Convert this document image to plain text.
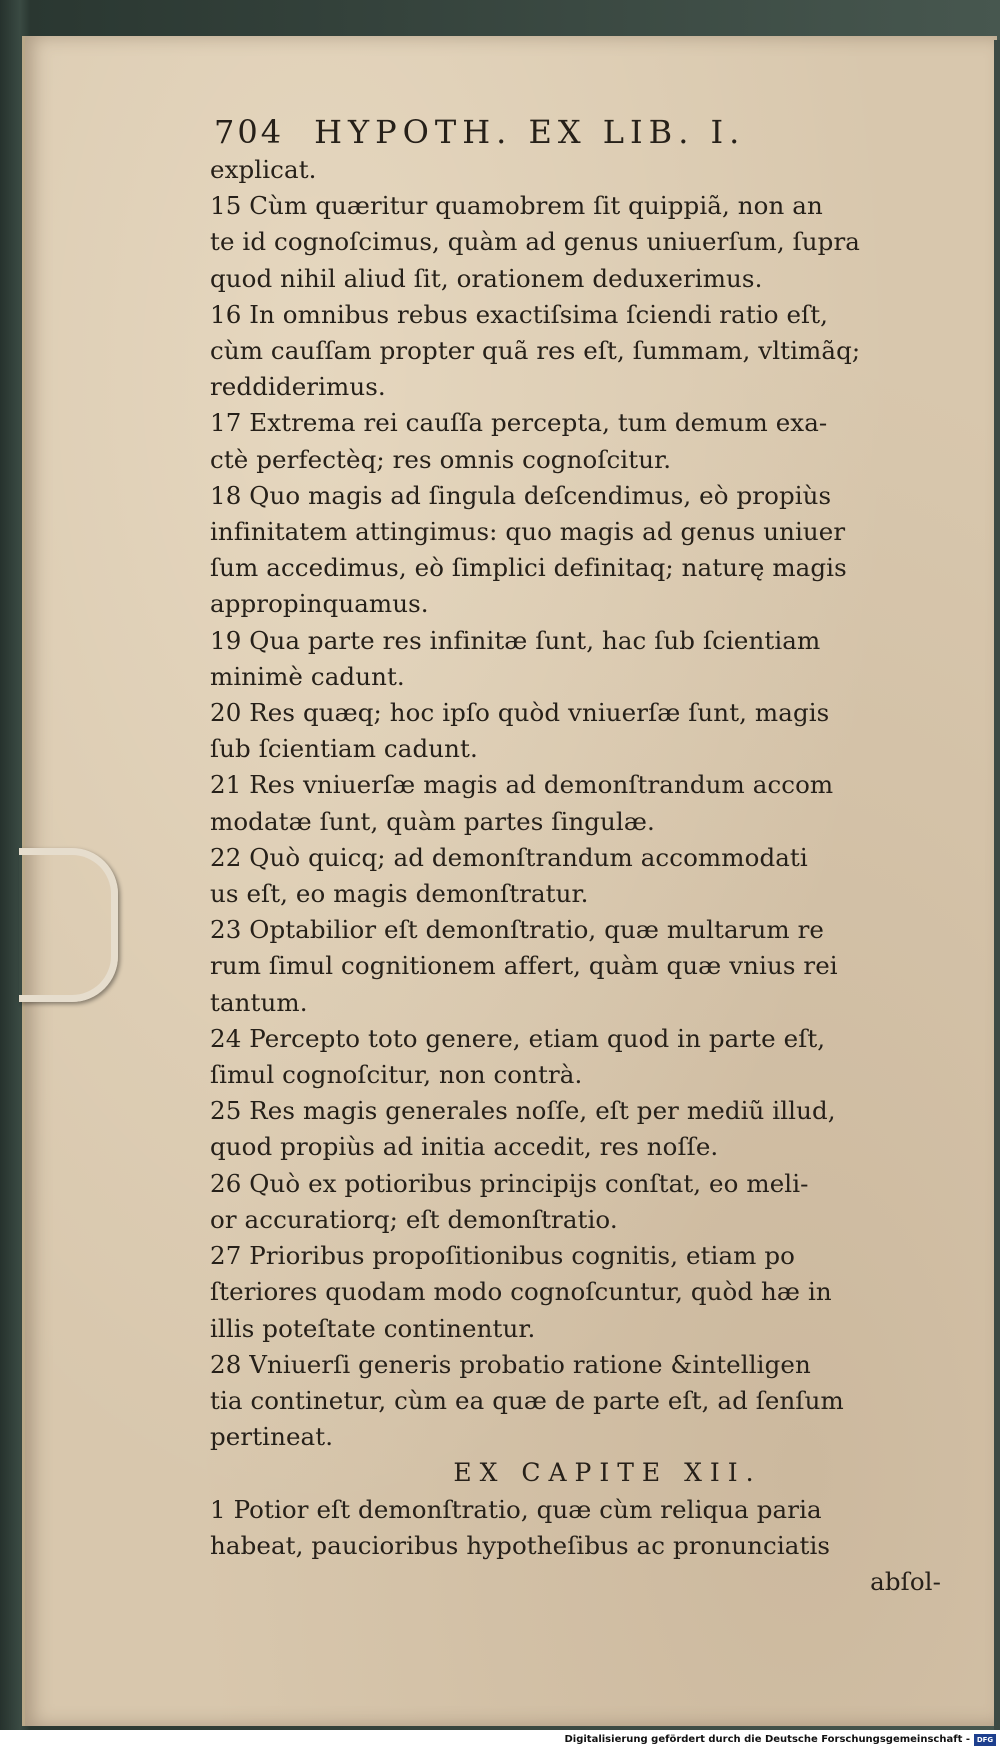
704 HYPOTH. EX LIB. I.
explicat.
15 Cùm quæritur quamobrem ſit quippiã, non an
te id cognoſcimus, quàm ad genus uniuerſum, ſupra
quod nihil aliud ſit, orationem deduxerimus.
16 In omnibus rebus exactiſsima ſciendi ratio eſt,
cùm cauſſam propter quã res eſt, ſummam, vltimãq;
reddiderimus.
17 Extrema rei cauſſa percepta, tum demum exa-
ctè perfectèq; res omnis cognoſcitur.
18 Quo magis ad ſingula deſcendimus, eò propiùs
infinitatem attingimus: quo magis ad genus uniuer
ſum accedimus, eò ſimplici definitaq; naturę magis
appropinquamus.
19 Qua parte res infinitæ ſunt, hac ſub ſcientiam
minimè cadunt.
20 Res quæq; hoc ipſo quòd vniuerſæ ſunt, magis
ſub ſcientiam cadunt.
21 Res vniuerſæ magis ad demonſtrandum accom
modatæ ſunt, quàm partes ſingulæ.
22 Quò quicq; ad demonſtrandum accommodati
us eſt, eo magis demonſtratur.
23 Optabilior eſt demonſtratio, quæ multarum re
rum ſimul cognitionem affert, quàm quæ vnius rei
tantum.
24 Percepto toto genere, etiam quod in parte eſt,
ſimul cognoſcitur, non contrà.
25 Res magis generales noſſe, eſt per mediũ illud,
quod propiùs ad initia accedit, res noſſe.
26 Quò ex potioribus principijs conſtat, eo meli-
or accuratiorq; eſt demonſtratio.
27 Prioribus propoſitionibus cognitis, etiam po
ſteriores quodam modo cognoſcuntur, quòd hæ in
illis poteſtate continentur.
28 Vniuerſi generis probatio ratione &intelligen
tia continetur, cùm ea quæ de parte eſt, ad ſenſum
pertineat.
EX CAPITE XII.
1 Potior eſt demonſtratio, quæ cùm reliqua paria
habeat, paucioribus hypotheſibus ac pronunciatis
abſol-
Digitalisierung gefördert durch die Deutsche Forschungsgemeinschaft - DFG
